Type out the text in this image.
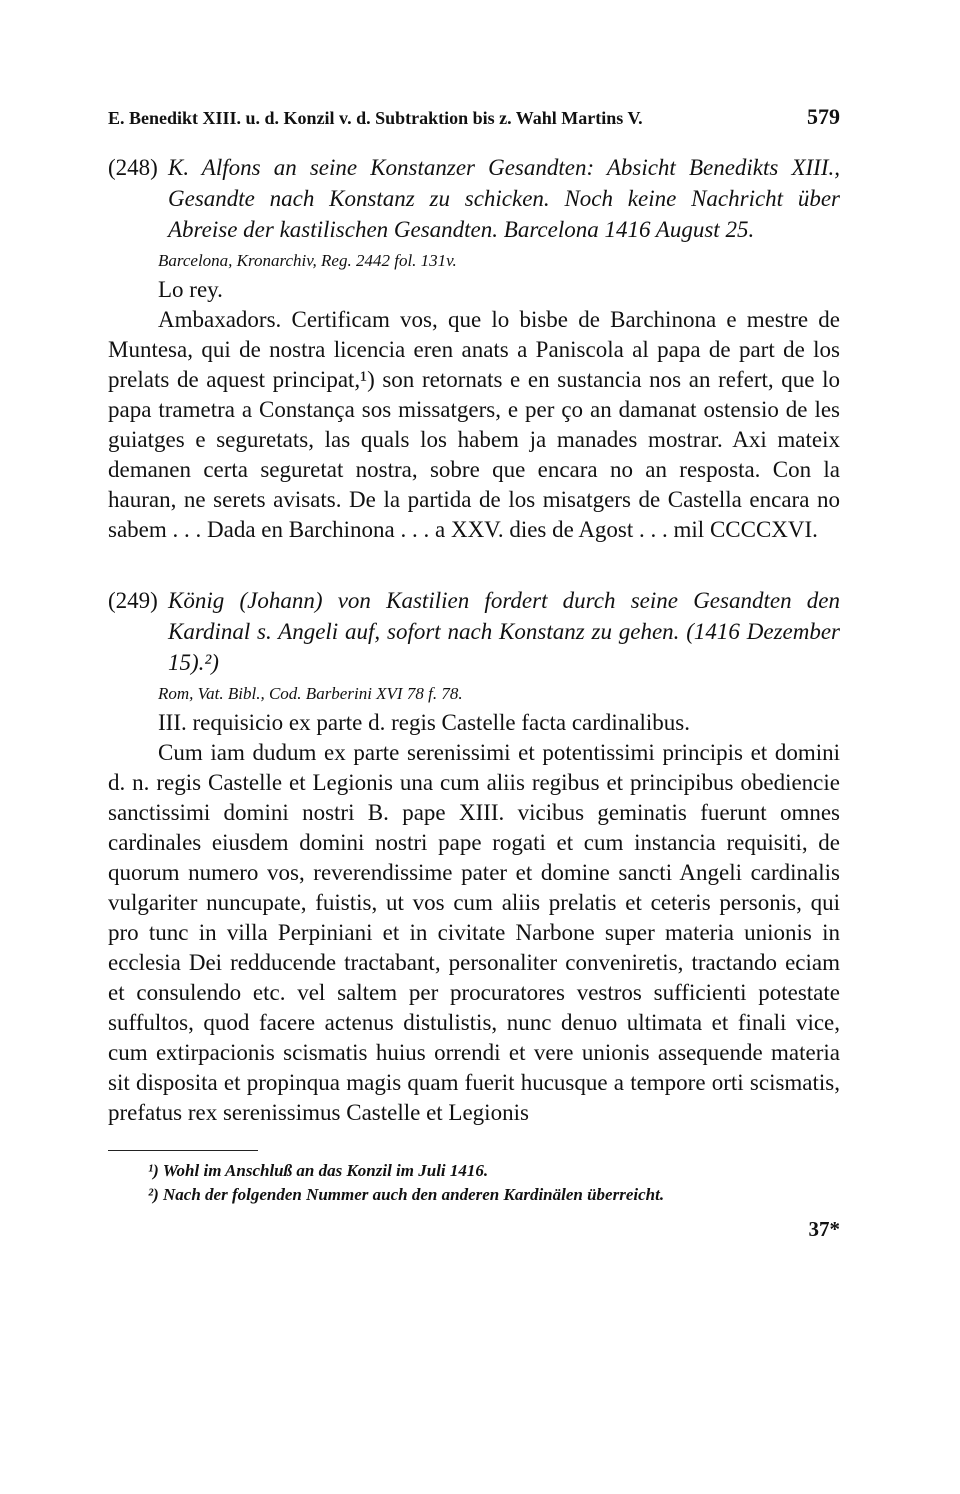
E. Benedikt XIII. u. d. Konzil v. d. Subtraktion bis z. Wahl Martins V.	579
(248) K. Alfons an seine Konstanzer Gesandten: Absicht Benedikts XIII., Gesandte nach Konstanz zu schicken. Noch keine Nachricht über Abreise der kastilischen Gesandten. Barcelona 1416 August 25.
Barcelona, Kronarchiv, Reg. 2442 fol. 131v.
Lo rey.

Ambaxadors. Certificam vos, que lo bisbe de Barchinona e mestre de Muntesa, qui de nostra licencia eren anats a Paniscola al papa de part de los prelats de aquest principat,¹) son retornats e en sustancia nos an refert, que lo papa trametra a Constança sos missatgers, e per ço an damanat ostensio de les guiatges e seguretats, las quals los habem ja manades mostrar. Axi mateix demanen certa seguretat nostra, sobre que encara no an resposta. Con la hauran, ne serets avisats. De la partida de los misatgers de Castella encara no sabem . . . Dada en Barchinona . . . a XXV. dies de Agost . . . mil CCCCXVI.

(249) König (Johann) von Kastilien fordert durch seine Gesandten den Kardinal s. Angeli auf, sofort nach Konstanz zu gehen. (1416 Dezember 15).²)
Rom, Vat. Bibl., Cod. Barberini XVI 78 f. 78.
III. requisicio ex parte d. regis Castelle facta cardinalibus.

Cum iam dudum ex parte serenissimi et potentissimi principis et domini d. n. regis Castelle et Legionis una cum aliis regibus et principibus obediencie sanctissimi domini nostri B. pape XIII. vicibus geminatis fuerunt omnes cardinales eiusdem domini nostri pape rogati et cum instancia requisiti, de quorum numero vos, reverendissime pater et domine sancti Angeli cardinalis vulgariter nuncupate, fuistis, ut vos cum aliis prelatis et ceteris personis, qui pro tunc in villa Perpiniani et in civitate Narbone super materia unionis in ecclesia Dei redducende tractabant, personaliter conveniretis, tractando eciam et consulendo etc. vel saltem per procuratores vestros sufficienti potestate suffultos, quod facere actenus distulistis, nunc denuo ultimata et finali vice, cum extirpacionis scismatis huius orrendi et vere unionis assequende materia sit disposita et propinqua magis quam fuerit hucusque a tempore orti scismatis, prefatus rex serenissimus Castelle et Legionis

¹) Wohl im Anschluß an das Konzil im Juli 1416.
²) Nach der folgenden Nummer auch den anderen Kardinälen überreicht.
37*
